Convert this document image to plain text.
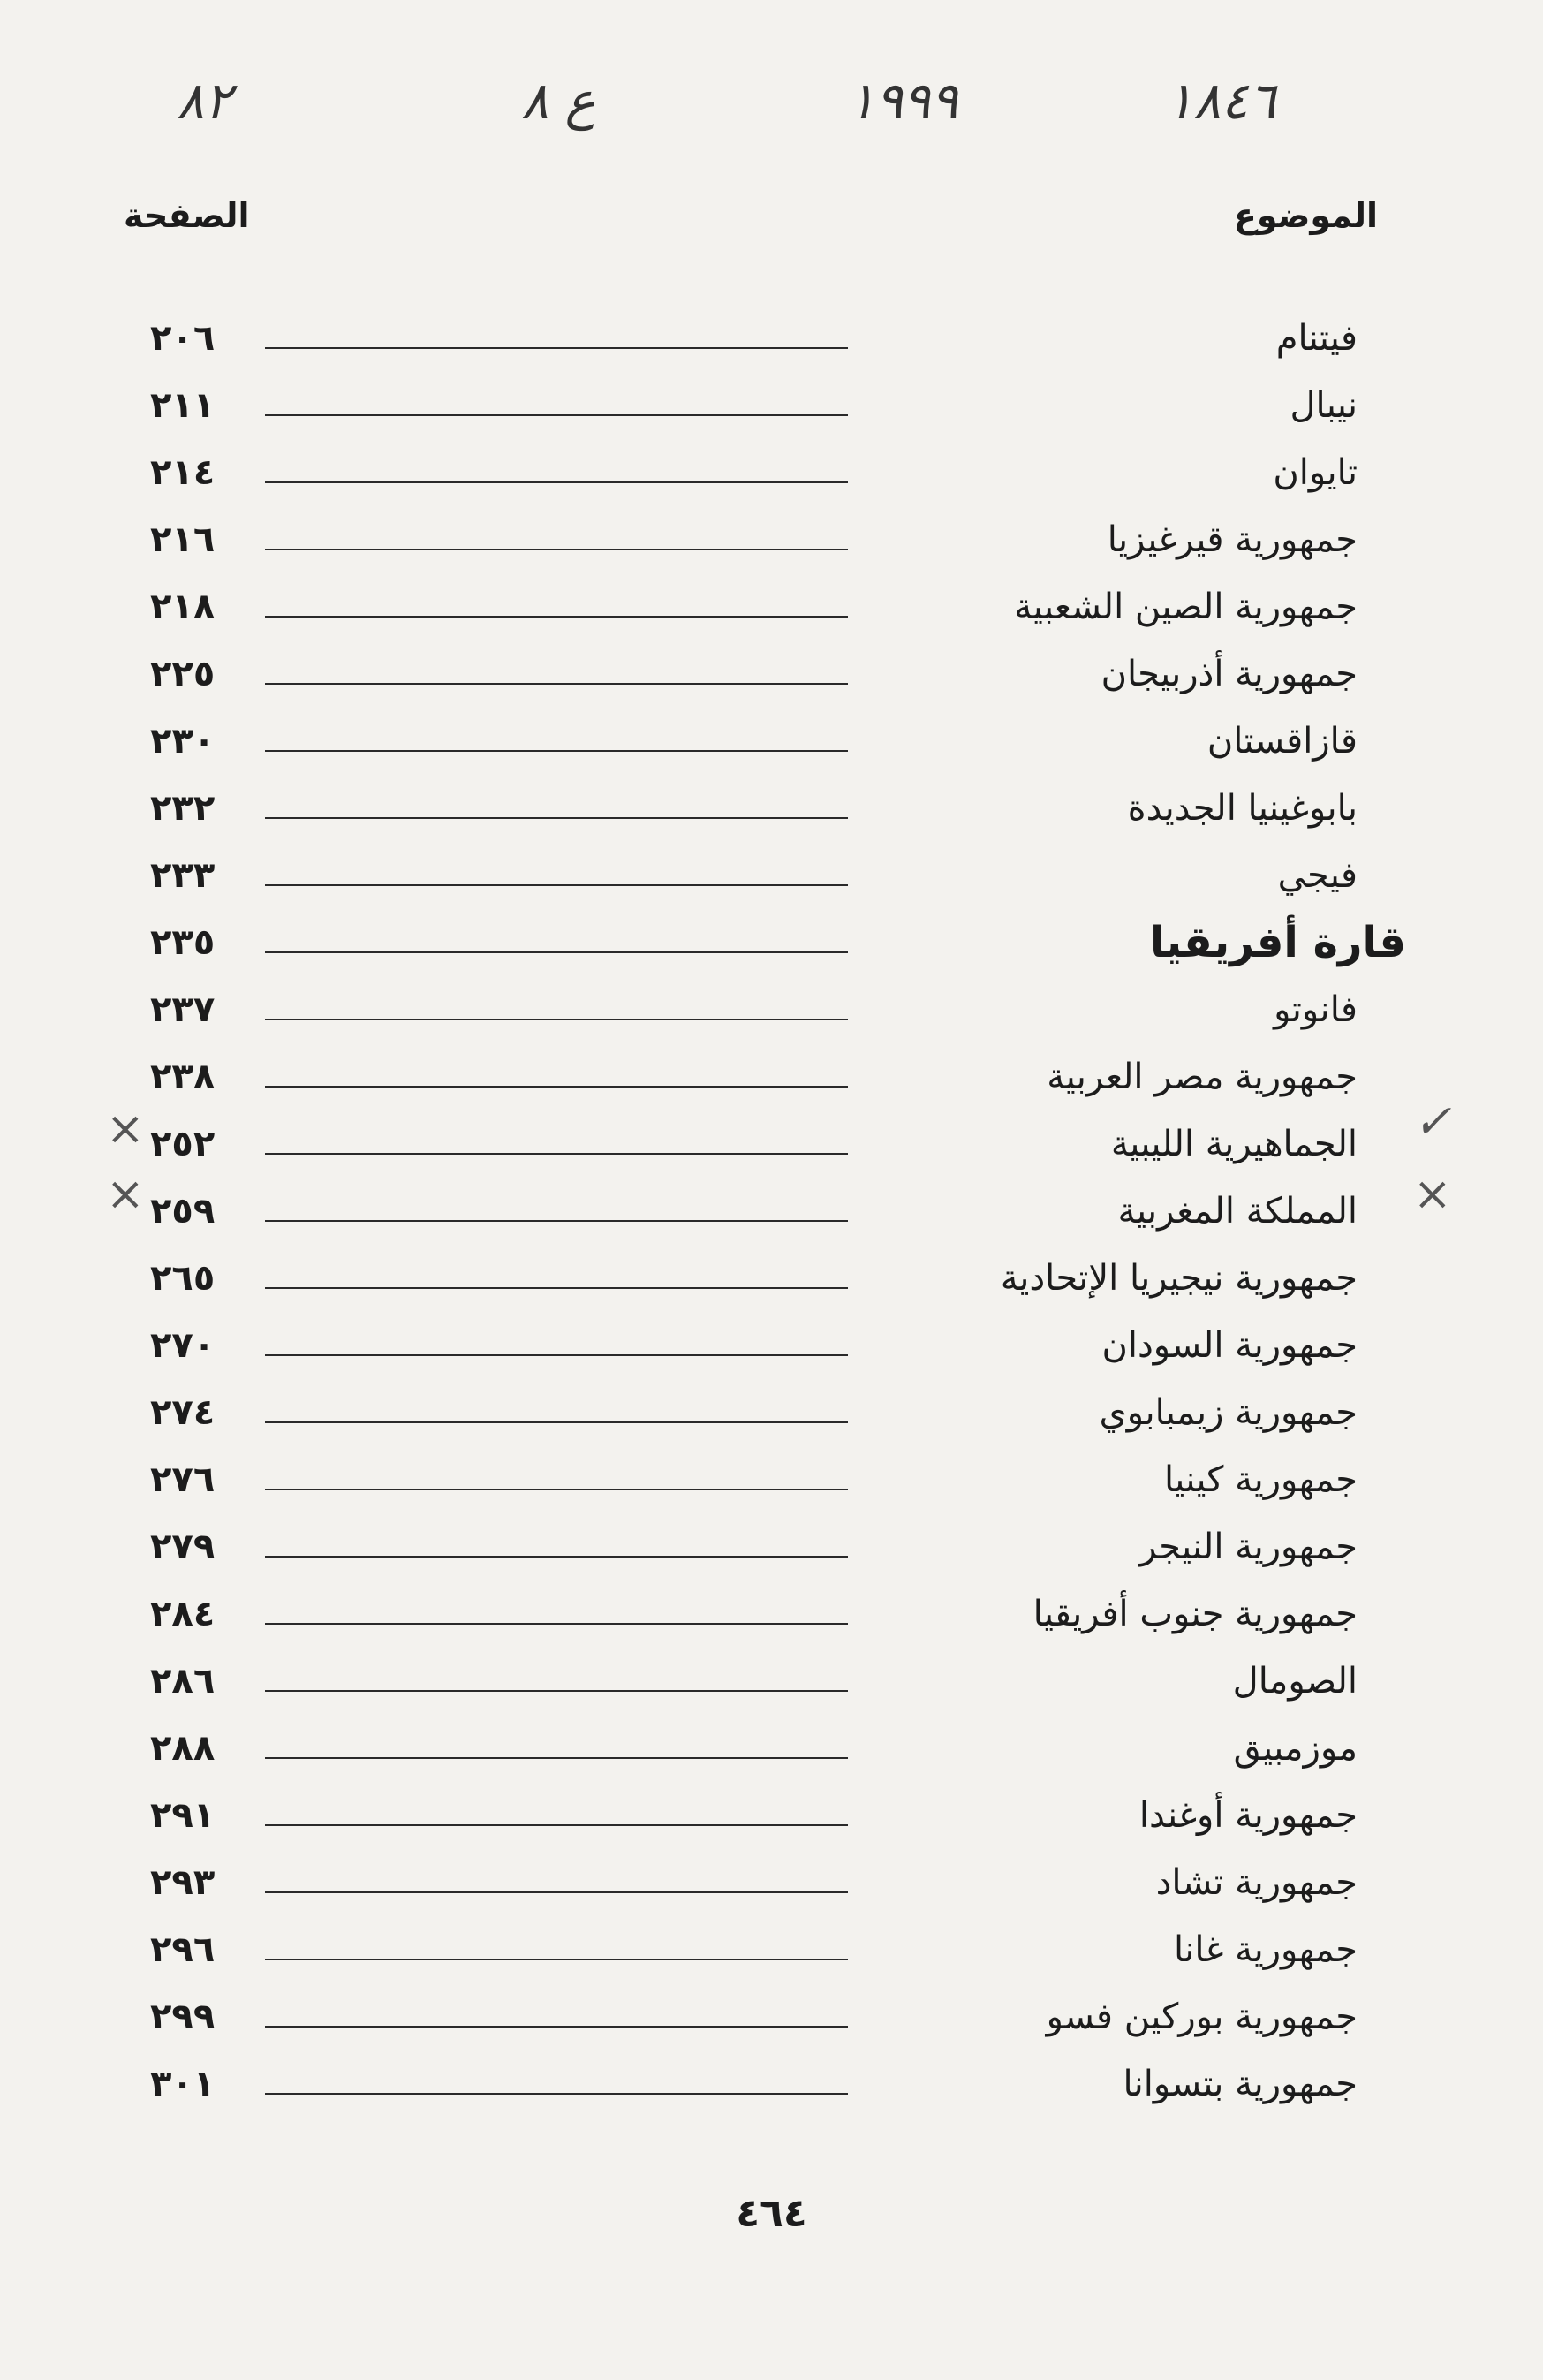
١٨٤٦
١٩٩٩
ع ٨
٨٢
الموضوع
الصفحة
فيتنام
٢٠٦
نيبال
٢١١
تايوان
٢١٤
جمهورية قيرغيزيا
٢١٦
جمهورية الصين الشعبية
٢١٨
جمهورية أذربيجان
٢٢٥
قازاقستان
٢٣٠
بابوغينيا الجديدة
٢٣٢
فيجي
٢٣٣
قارة أفريقيا
٢٣٥
فانوتو
٢٣٧
جمهورية مصر العربية
٢٣٨
الجماهيرية الليبية
٢٥٢
المملكة المغربية
٢٥٩
جمهورية نيجيريا الإتحادية
٢٦٥
جمهورية السودان
٢٧٠
جمهورية زيمبابوي
٢٧٤
جمهورية كينيا
٢٧٦
جمهورية النيجر
٢٧٩
جمهورية جنوب أفريقيا
٢٨٤
الصومال
٢٨٦
موزمبيق
٢٨٨
جمهورية أوغندا
٢٩١
جمهورية تشاد
٢٩٣
جمهورية غانا
٢٩٦
جمهورية بوركين فسو
٢٩٩
جمهورية بتسوانا
٣٠١
×
×
✓
×
٤٦٤
